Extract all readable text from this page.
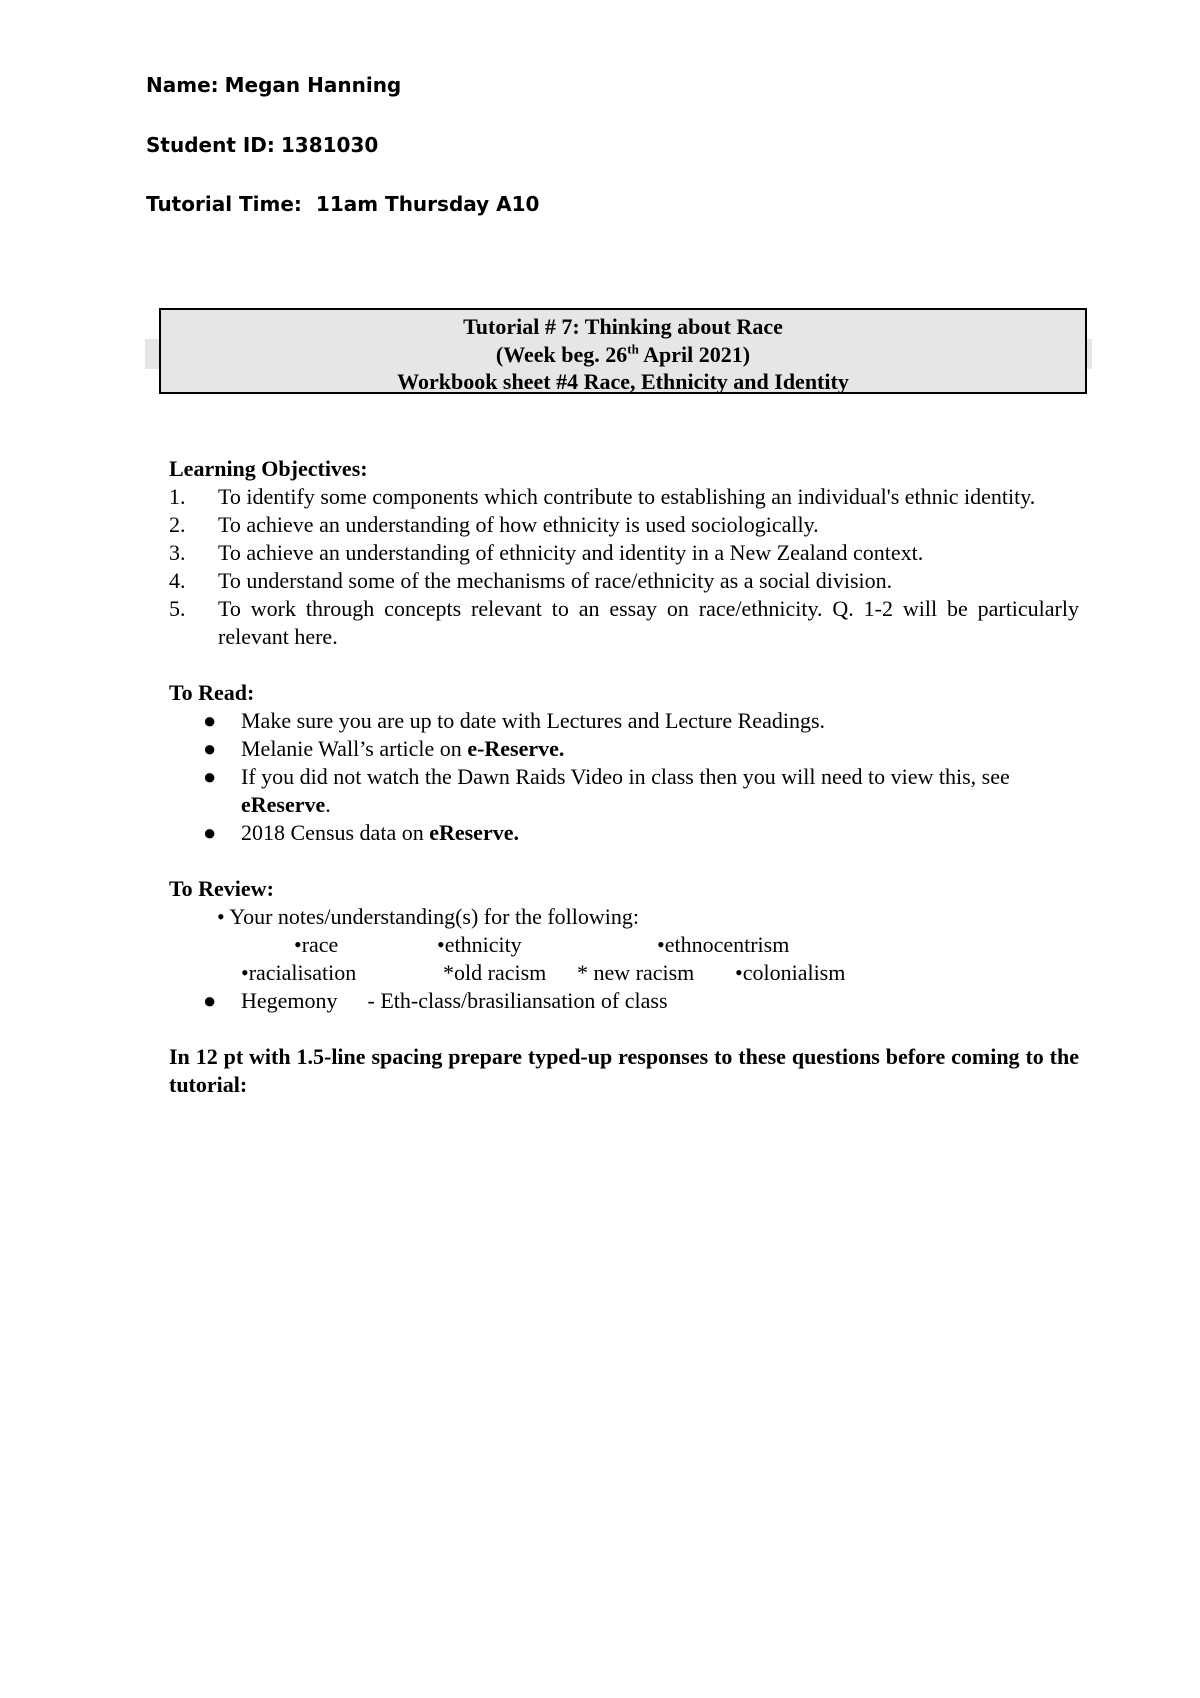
Name: Megan Hanning
Student ID: 1381030
Tutorial Time: 11am Thursday A10
Tutorial # 7: Thinking about Race
(Week beg. 26th April 2021)
Workbook sheet #4 Race, Ethnicity and Identity

Learning Objectives:

1. To identify some components which contribute to establishing an individual's ethnic identity.
2. To achieve an understanding of how ethnicity is used sociologically.
3. To achieve an understanding of ethnicity and identity in a New Zealand context.
4. To understand some of the mechanisms of race/ethnicity as a social division.
5. To work through concepts relevant to an essay on race/ethnicity. Q. 1-2 will be particularly relevant here.

To Read:

● Make sure you are up to date with Lectures and Lecture Readings.
● Melanie Wall’s article on e-Reserve.
● If you did not watch the Dawn Raids Video in class then you will need to view this, see eReserve.
● 2018 Census data on eReserve.

To Review:

• Your notes/understanding(s) for the following:
•race	•ethnicity	•ethnocentrism
•racialisation	*old racism * new racism •colonialism
● Hegemony - Eth-class/brasiliansation of class

In 12 pt with 1.5-line spacing prepare typed-up responses to these questions before coming to the tutorial:
